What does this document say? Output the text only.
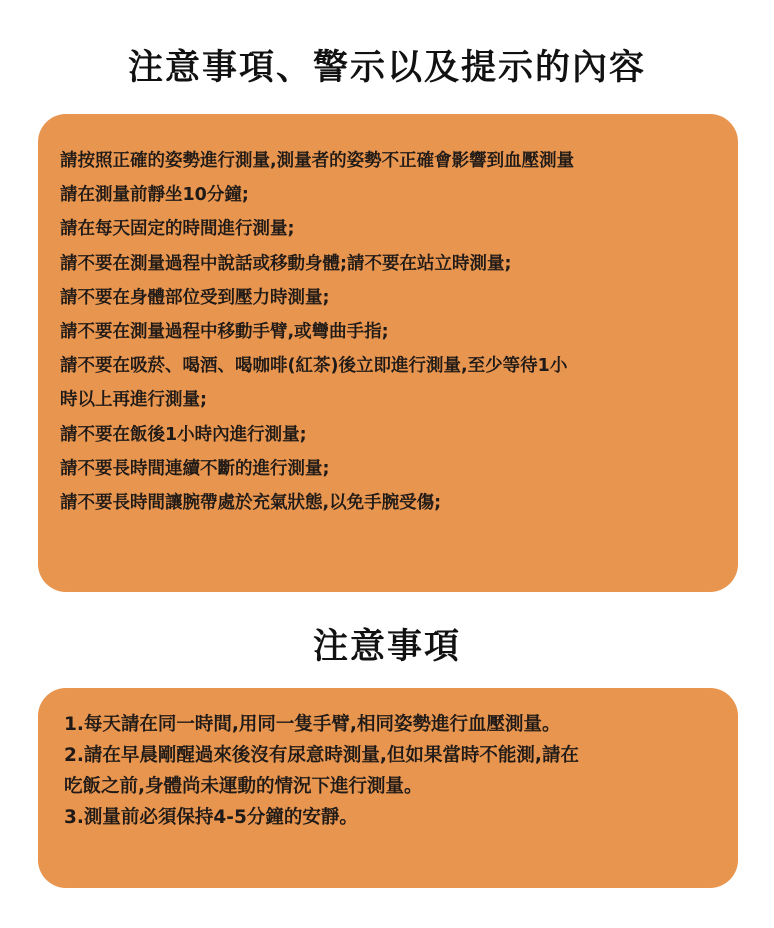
注意事項、警示以及提示的內容
請按照正確的姿勢進行測量,測量者的姿勢不正確會影響到血壓測量
請在測量前靜坐10分鐘;
請在每天固定的時間進行測量;
請不要在測量過程中說話或移動身體;請不要在站立時測量;
請不要在身體部位受到壓力時測量;
請不要在測量過程中移動手臂,或彎曲手指;
請不要在吸菸、喝酒、喝咖啡(紅茶)後立即進行測量,至少等待1小
時以上再進行測量;
請不要在飯後1小時內進行測量;
請不要長時間連續不斷的進行測量;
請不要長時間讓腕帶處於充氣狀態,以免手腕受傷;
注意事項
1.每天請在同一時間,用同一隻手臂,相同姿勢進行血壓測量。
2.請在早晨剛醒過來後沒有尿意時測量,但如果當時不能測,請在
吃飯之前,身體尚未運動的情況下進行測量。
3.測量前必須保持4-5分鐘的安靜。
